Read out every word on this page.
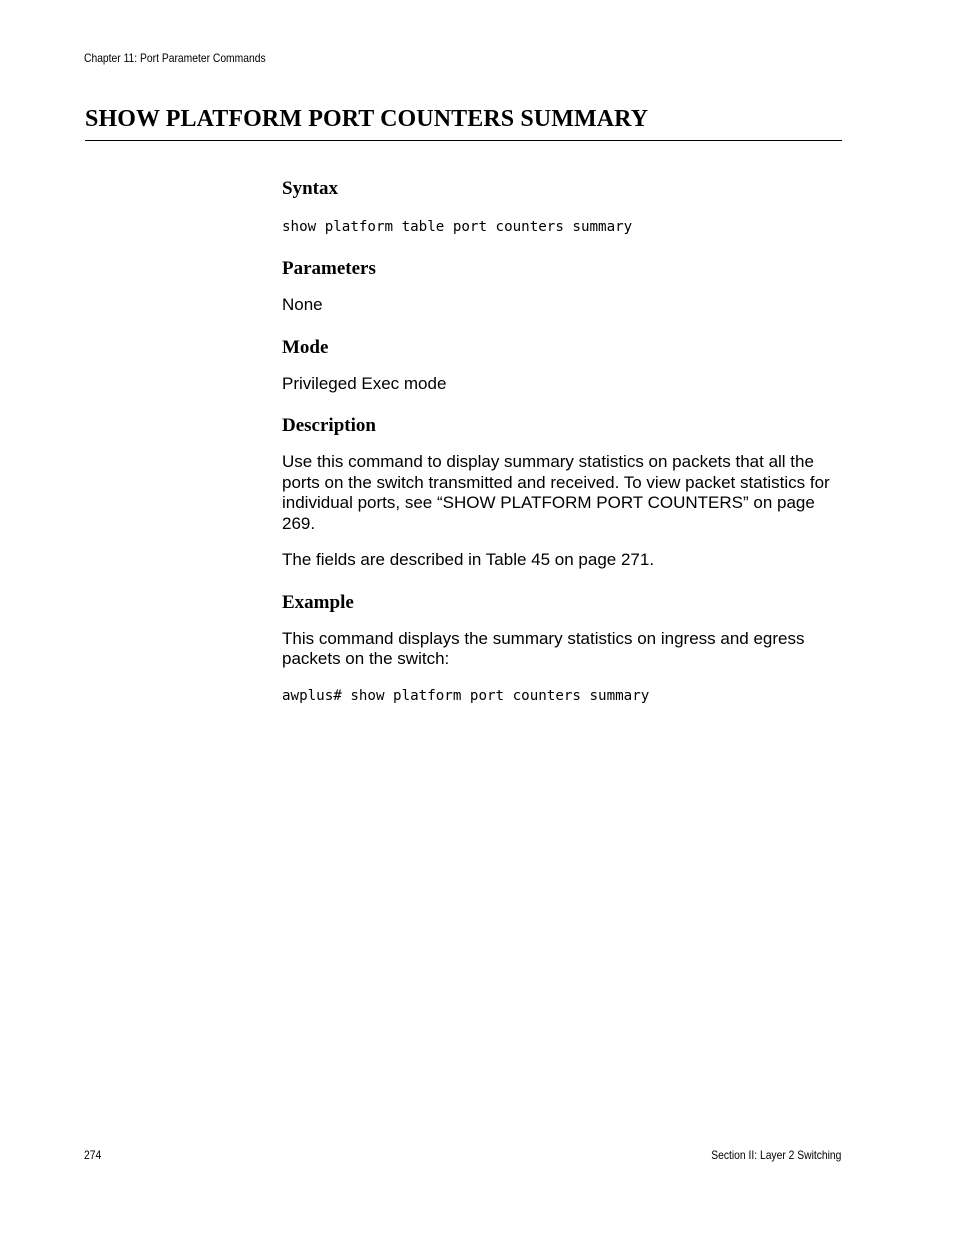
Chapter 11: Port Parameter Commands
SHOW PLATFORM PORT COUNTERS SUMMARY
Syntax

show platform table port counters summary

Parameters

None

Mode

Privileged Exec mode

Description

Use this command to display summary statistics on packets that all the ports on the switch transmitted and received. To view packet statistics for individual ports, see “SHOW PLATFORM PORT COUNTERS” on page 269.

The fields are described in Table 45 on page 271.

Example

This command displays the summary statistics on ingress and egress packets on the switch:

awplus# show platform port counters summary

274	Section II: Layer 2 Switching
